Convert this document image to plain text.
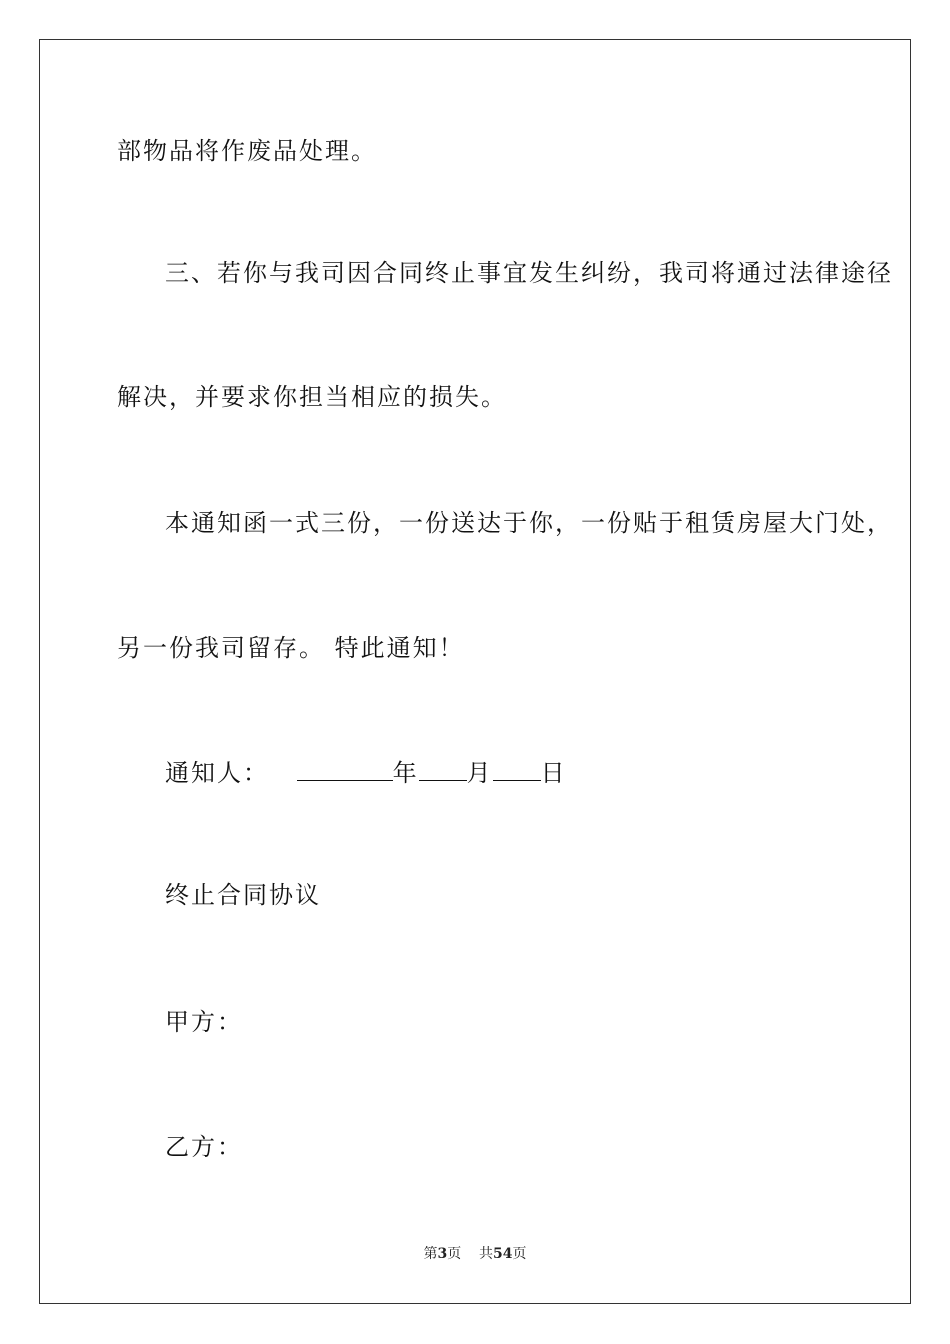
部物品将作废品处理。
三、若你与我司因合同终止事宜发生纠纷，我司将通过法律途径
解决，并要求你担当相应的损失。
本通知函一式三份，一份送达于你，一份贴于租赁房屋大门处，
另一份我司留存。 特此通知！
通知人：	年 月 日
终止合同协议
甲方：
乙方：
第3页 共54页
